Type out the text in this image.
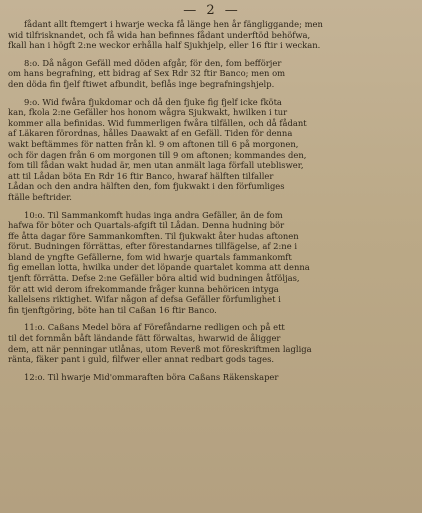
— 2 —
fådant allt ftemgert i hwarje wecka få länge hen år fängliggande; men
wid tilfrisknandet, och få wida han befinnes fådant underftöd behöfwa,
fkall han i högft 2:ne weckor erhålla half Sjukhjelp, eller 16 ftir i weckan.
8:o. Då någon Gefäll med döden afgår, för den, fom befförjer
om hans begrafning, ett bidrag af Sex Rdr 32 ftir Banco; men om
den döda fin fjelf ftiwet afbundit, beflås inge begrafningshjelp.
9:o. Wid fwåra fjukdomar och då den fjuke fig fjelf icke fköta
kan, fkola 2:ne Gefäller hos honom wågra Sjukwakt, hwilken i tur
kommer alla befinidas. Wid fummerligen fwåra tilfällen, och då fådant
af Läkaren förordnas, hålles Daawakt af en Gefäll. Tiden för denna
wakt beftämmes för natten från kl. 9 om aftonen till 6 på morgonen,
och för dagen från 6 om morgonen till 9 om aftonen; kommandes den,
fom till fådan wakt hudad är, men utan anmält laga förfall utebliswer,
att til Lådan böta En Rdr 16 ftir Banco, hwaraf hälften tilfaller
Lådan och den andra hälften den, fom fjukwakt i den förfumliges
ftälle beftrider.
10:o. Til Sammankomft hudas inga andra Gefäller, än de fom
hafwa för böter och Quartals-afgift til Lådan. Denna hudning bör
ffe åtta dagar före Sammankomften. Til fjukwakt åter hudas aftonen
förut. Budningen förrättas, efter förestandarnes tillfägelse, af 2:ne i
bland de yngfte Gefällerne, fom wid hwarje quartals fammankomft
fig emellan lotta, hwilka under det löpande quartalet komma att denna
tjenft förrätta. Defse 2:ne Gefäller böra altid wid budningen åtföljas,
för att wid derom ifrekommande fråger kunna behöricen intyga
kallelsens riktighet. Wifar någon af defsa Gefäller förfumlighet i
fin tjenftgöring, böte han til Caßan 16 ftir Banco.
11:o. Caßans Medel böra af Förefåndarne redligen och på ett
til det fornmån båft ländande fätt förwaltas, hwarwid de åligger
dem, att när penningar utlånas, utom Reverß mot föreskriftmen lagliga
ränta, fäker pant i guld, filfwer eller annat redbart gods tages.
12:o. Til hwarje Mid'ommaraften böra Caßans Räkenskaper
